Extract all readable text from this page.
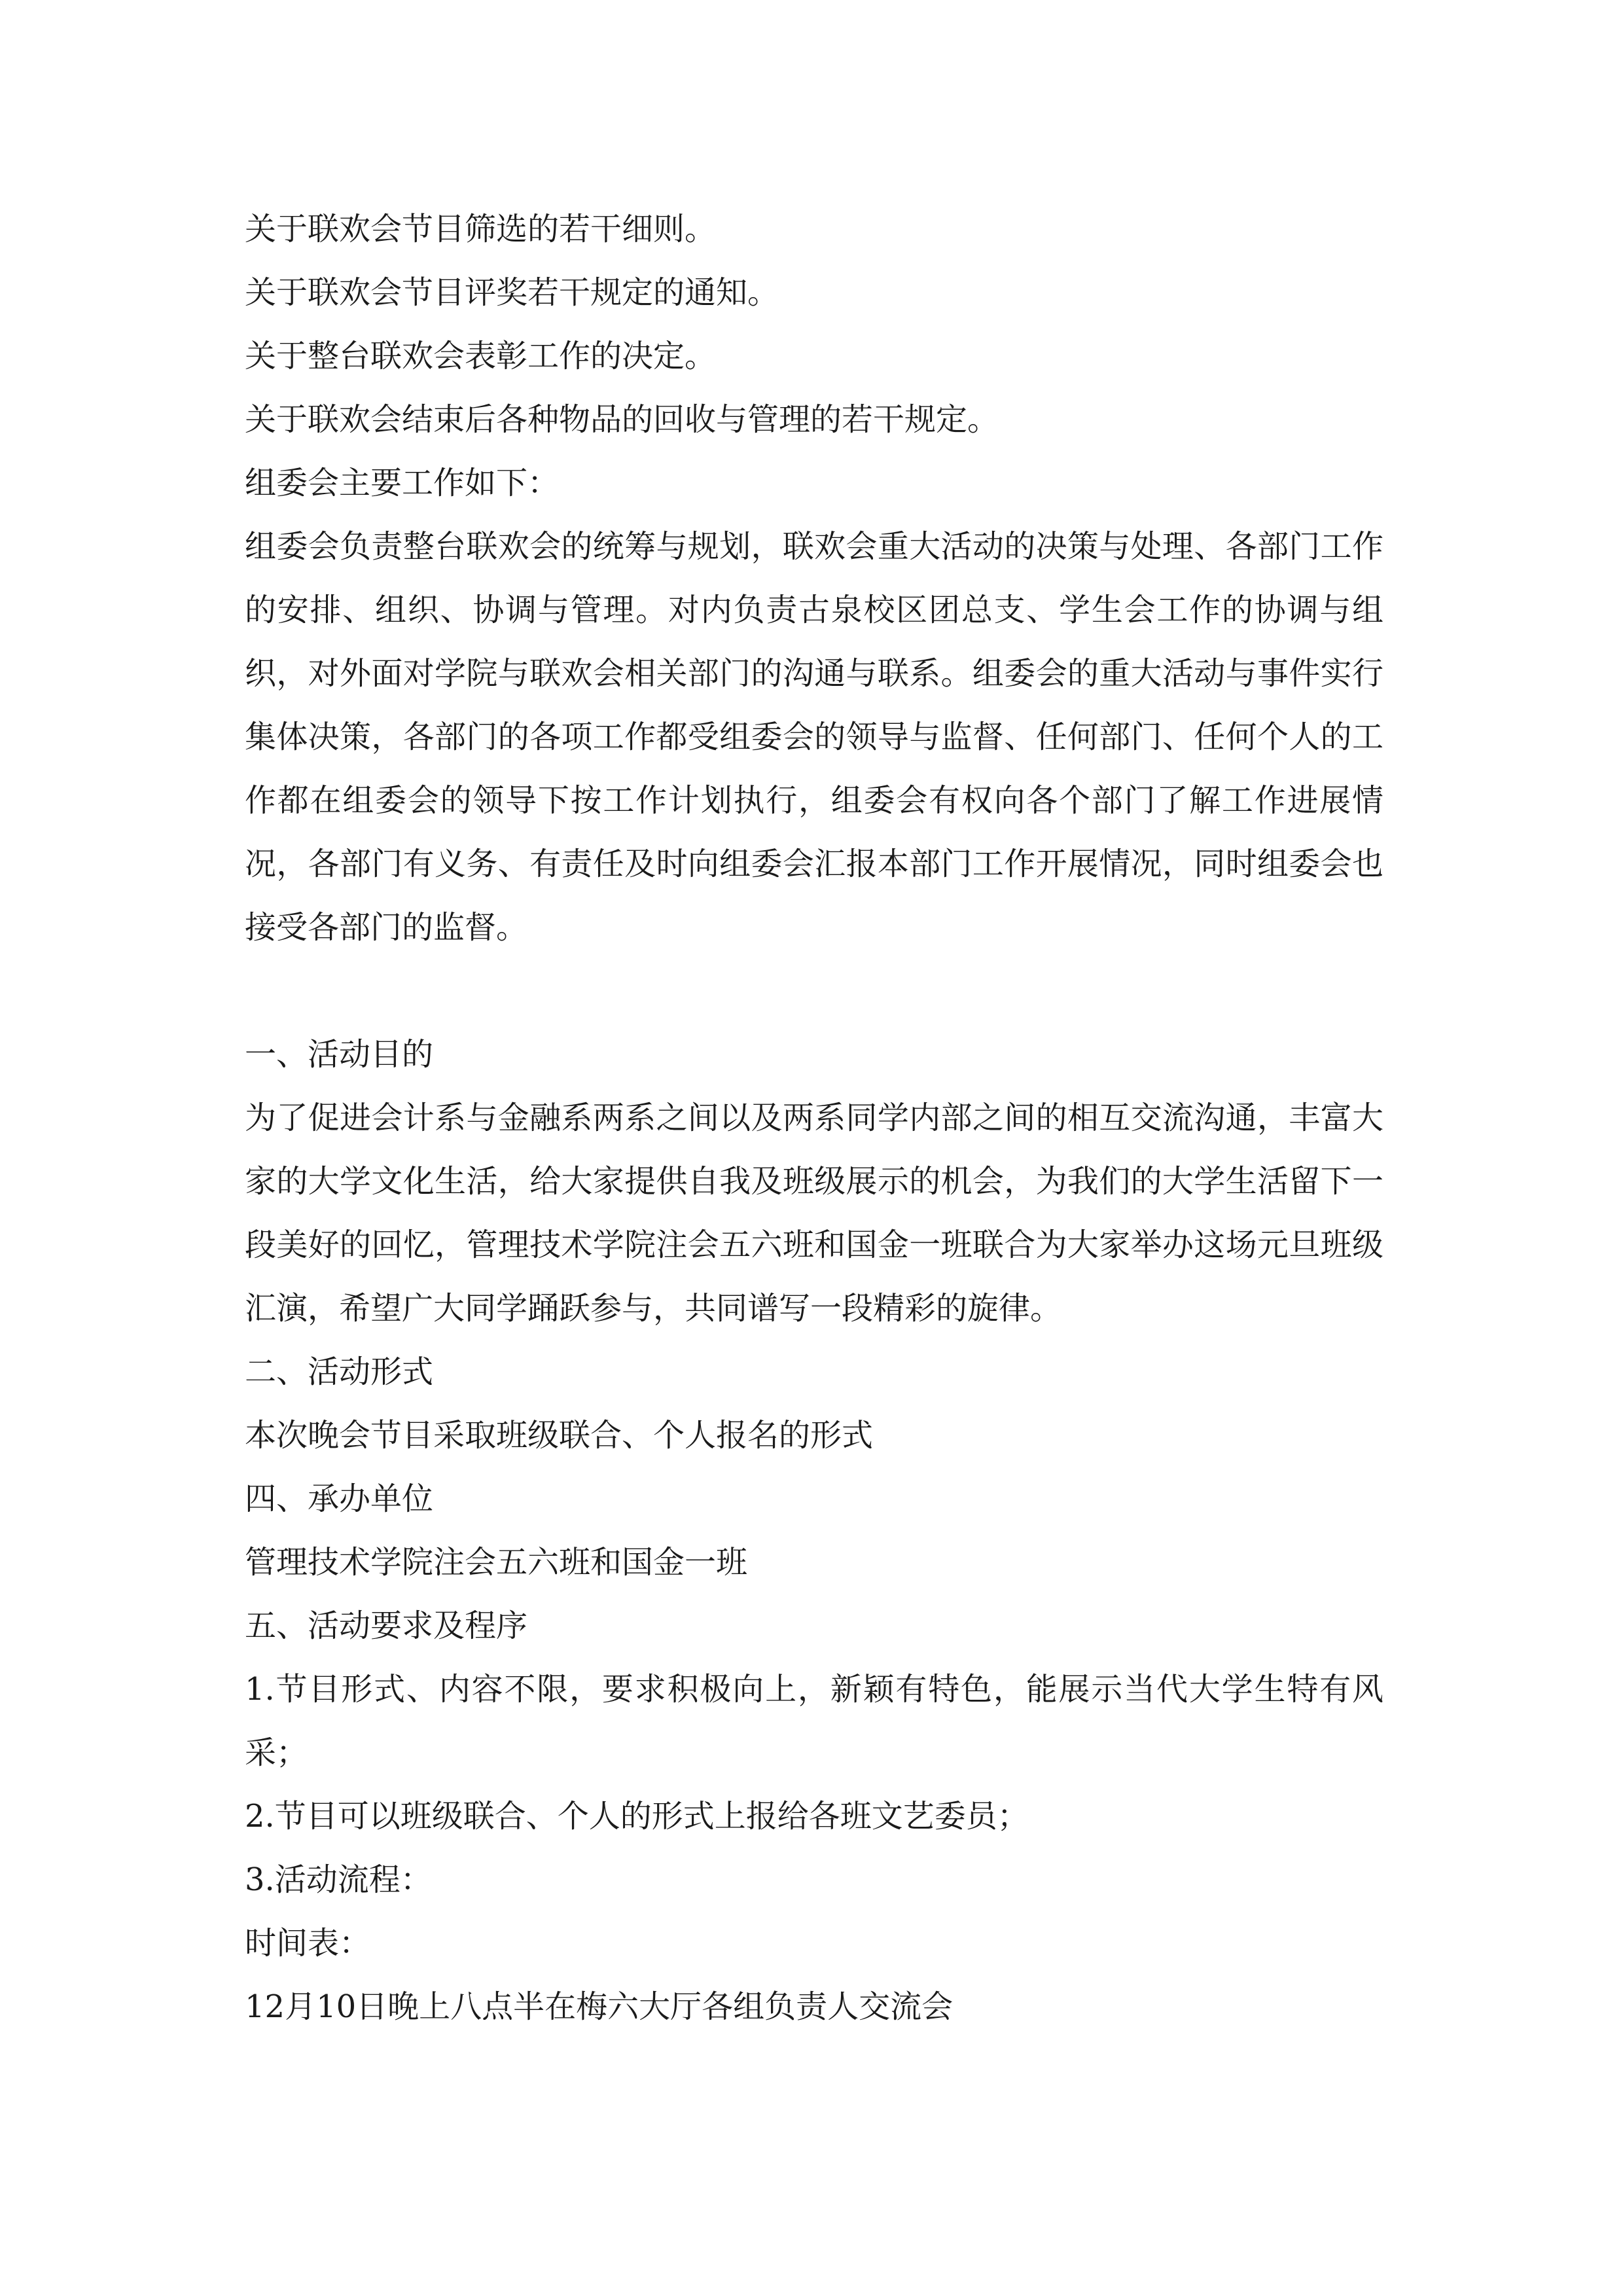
关于联欢会节目筛选的若干细则。
关于联欢会节目评奖若干规定的通知。
关于整台联欢会表彰工作的决定。
关于联欢会结束后各种物品的回收与管理的若干规定。
组委会主要工作如下：

组委会负责整台联欢会的统筹与规划，联欢会重大活动的决策与处理、各部门工作的安排、组织、协调与管理。对内负责古泉校区团总支、学生会工作的协调与组织，对外面对学院与联欢会相关部门的沟通与联系。组委会的重大活动与事件实行集体决策，各部门的各项工作都受组委会的领导与监督、任何部门、任何个人的工作都在组委会的领导下按工作计划执行，组委会有权向各个部门了解工作进展情况，各部门有义务、有责任及时向组委会汇报本部门工作开展情况，同时组委会也接受各部门的监督。

一、活动目的

为了促进会计系与金融系两系之间以及两系同学内部之间的相互交流沟通，丰富大家的大学文化生活，给大家提供自我及班级展示的机会，为我们的大学生活留下一段美好的回忆，管理技术学院注会五六班和国金一班联合为大家举办这场元旦班级汇演，希望广大同学踊跃参与，共同谱写一段精彩的旋律。

二、活动形式
本次晚会节目采取班级联合、个人报名的形式
四、承办单位
管理技术学院注会五六班和国金一班
五、活动要求及程序

1.节目形式、内容不限，要求积极向上，新颖有特色，能展示当代大学生特有风采；

2.节目可以班级联合、个人的形式上报给各班文艺委员；
3.活动流程：
时间表：
12月10日晚上八点半在梅六大厅各组负责人交流会
